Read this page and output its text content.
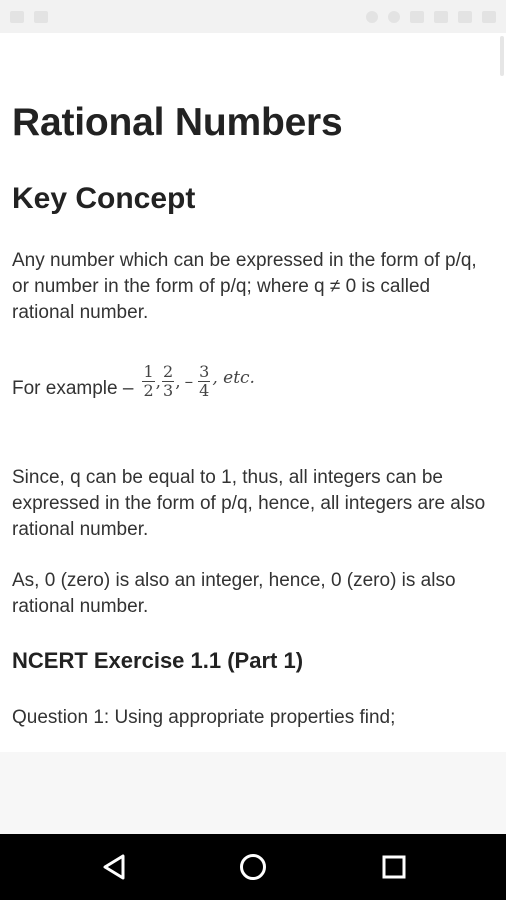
Rational Numbers
Key Concept

Any number which can be expressed in the form of p/q, or number in the form of p/q; where q ≠ 0 is called rational number.

For example – $\frac{1}{2}$ , $\frac{2}{3}$ , – $\frac{3}{4}$ , etc.

Since, q can be equal to 1, thus, all integers can be expressed in the form of p/q, hence, all integers are also rational number.

As, 0 (zero) is also an integer, hence, 0 (zero) is also rational number.

NCERT Exercise 1.1 (Part 1)

Question 1: Using appropriate properties find;
